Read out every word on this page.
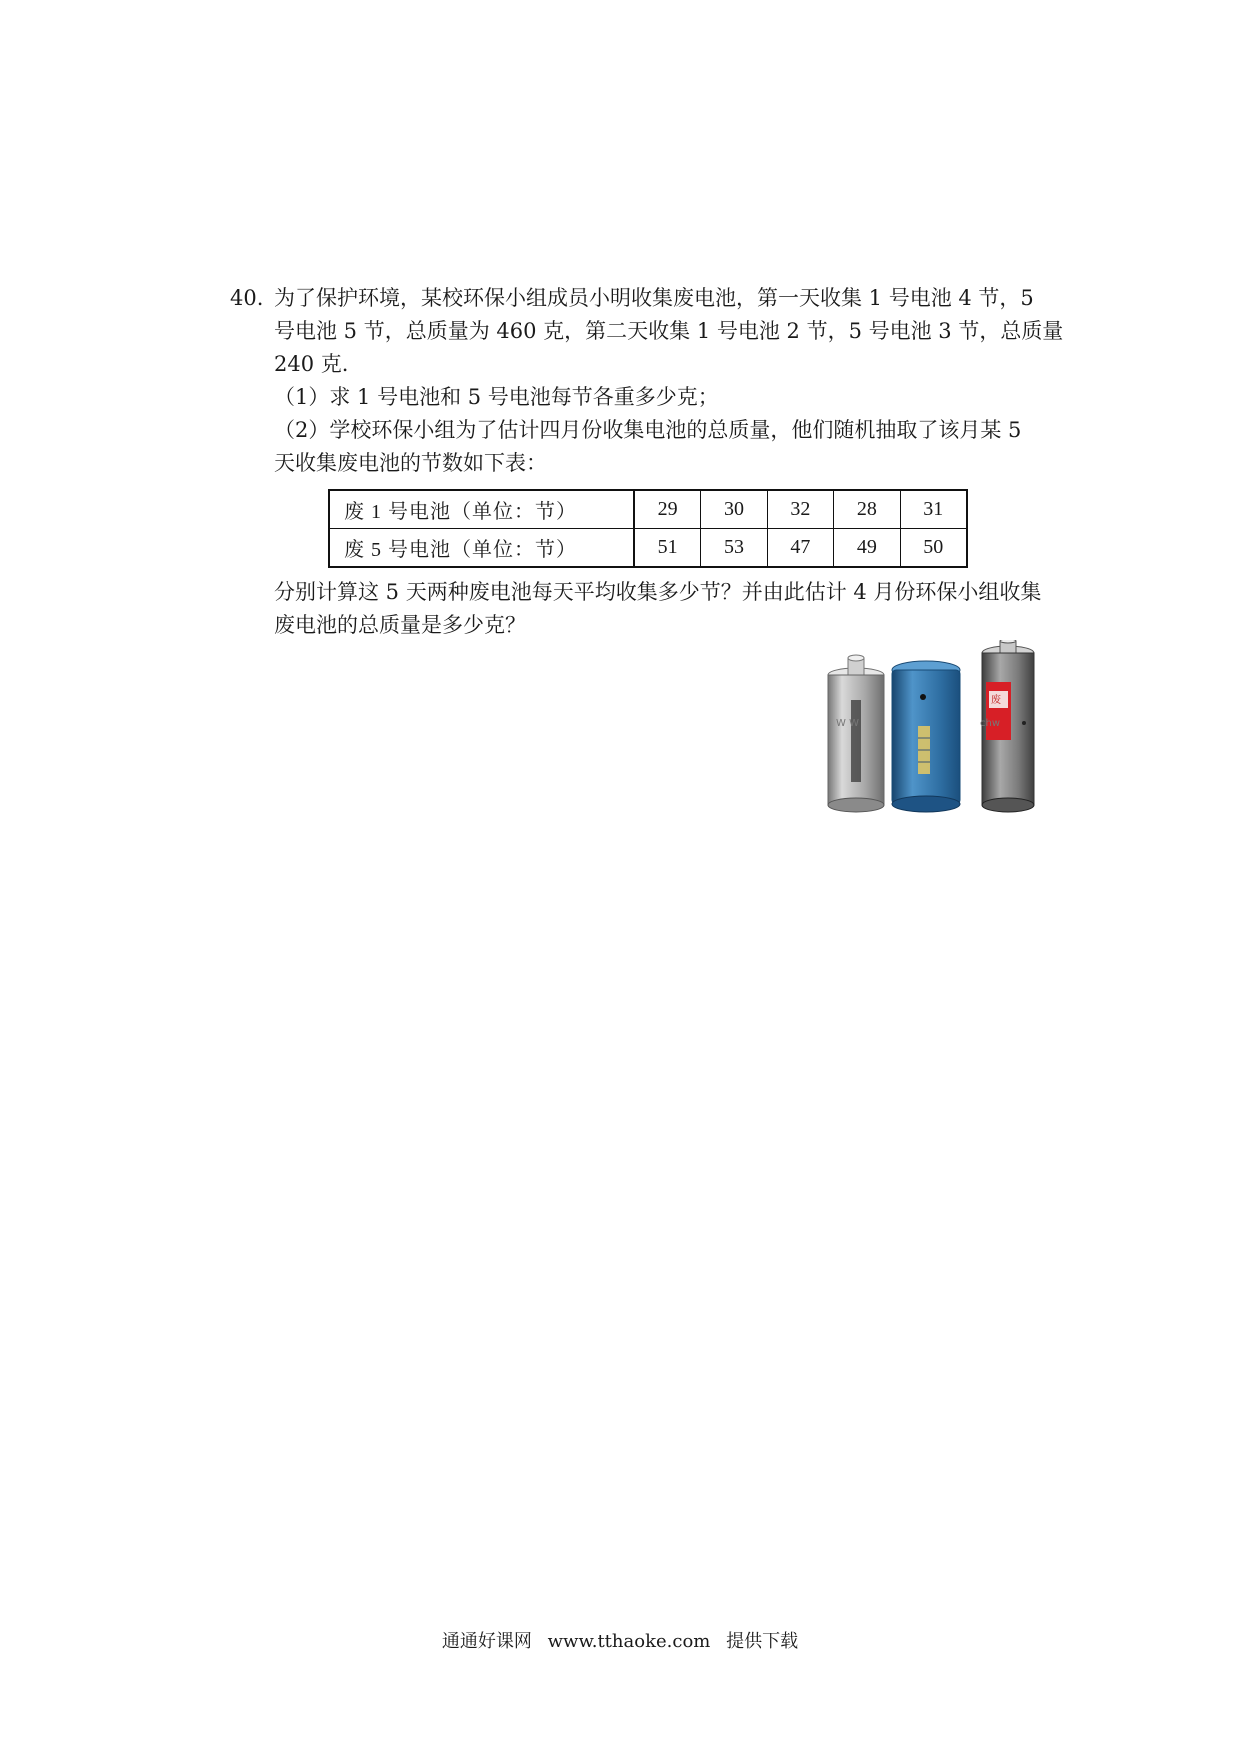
40. 为了保护环境，某校环保小组成员小明收集废电池，第一天收集 1 号电池 4 节，5
号电池 5 节，总质量为 460 克，第二天收集 1 号电池 2 节，5 号电池 3 节，总质量
240 克.
（1）求 1 号电池和 5 号电池每节各重多少克；
（2）学校环保小组为了估计四月份收集电池的总质量，他们随机抽取了该月某 5
天收集废电池的节数如下表：
废 1 号电池（单位：节）	29	30	32	28	31
废 5 号电池（单位：节）	51	53	47	49	50
分别计算这 5 天两种废电池每天平均收集多少节？并由此估计 4 月份环保小组收集
废电池的总质量是多少克？
W W
废
chw
通通好课网 www.tthaoke.com 提供下载
